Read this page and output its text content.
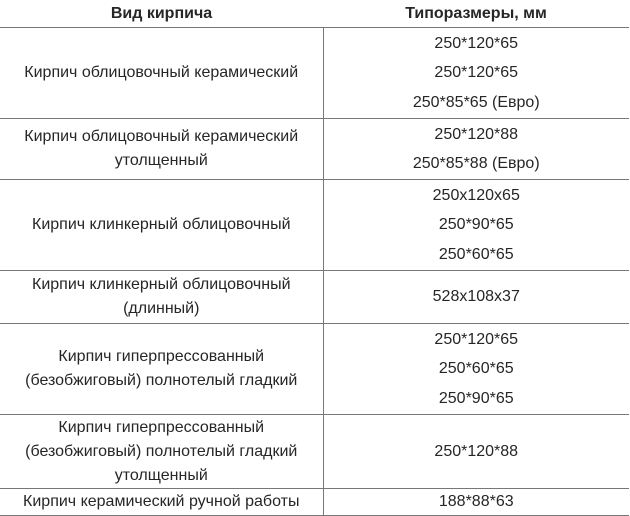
Вид кирпича	Типоразмеры, мм
Кирпич облицовочный керамический	250*120*65
250*120*65
250*85*65 (Евро)

Кирпич облицовочный керамический
утолщенный	250*120*88
250*85*88 (Евро)

Кирпич клинкерный облицовочный	250x120x65
250*90*65
250*60*65

Кирпич клинкерный облицовочный
(длинный)	528x108x37

Кирпич гиперпрессованный
(безобжиговый) полнотелый гладкий	250*120*65
250*60*65
250*90*65

Кирпич гиперпрессованный
(безобжиговый) полнотелый гладкий
утолщенный	250*120*88

Кирпич керамический ручной работы	188*88*63
